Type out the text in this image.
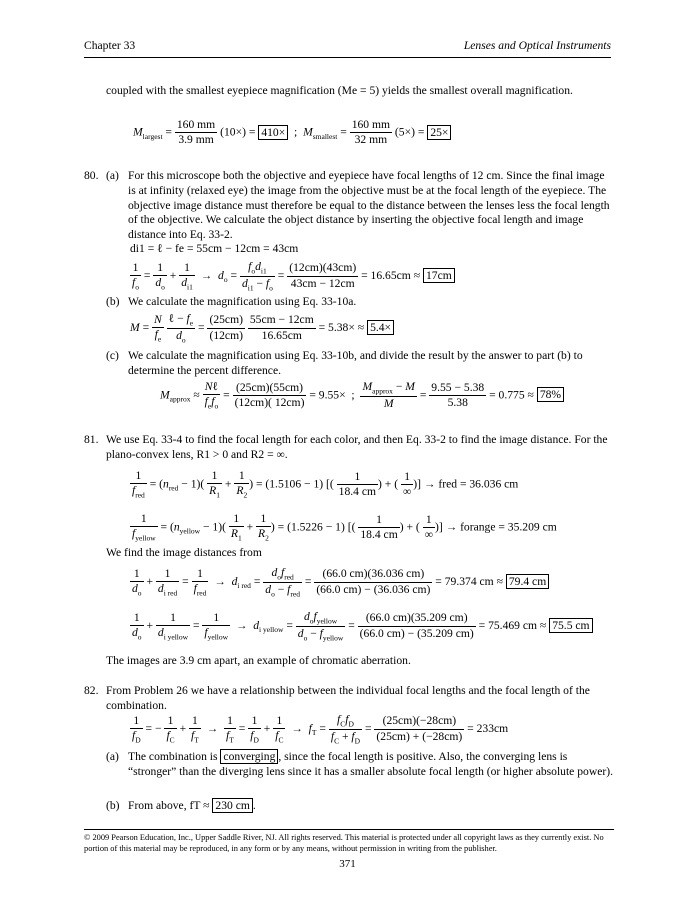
Chapter 33	Lenses and Optical Instruments
coupled with the smallest eyepiece magnification (Me = 5) yields the smallest overall magnification.
$M_{largest} = \frac{160 mm}{3.9 mm} (10\times) = 410\times$ ; $M_{smallest} = \frac{160 mm}{32 mm} (5\times) = 25\times$
80. (a) For this microscope both the objective and eyepiece have focal lengths of 12 cm. Since the final image is at infinity (relaxed eye) the image from the objective must be at the focal length of the eyepiece. The objective image distance must therefore be equal to the distance between the lenses less the focal length of the objective. We calculate the object distance by inserting the objective focal length and image distance into Eq. 33-2.
di1 = ℓ − fe = 55cm − 12cm = 43cm
$\frac{1}{f_o} = \frac{1}{d_o} + \frac{1}{d_{i1}} \to d_o = \frac{f_od_{i1}}{d_{i1} - f_o} = \frac{(12cm)(43cm)}{43cm - 12cm} = 16.65cm \approx 17cm$
(b) We calculate the magnification using Eq. 33-10a.
$M = \frac{N}{f_e}$
$\frac{\ell - f_e}{d_o} = \frac{(25cm)}{(12cm)}$
$\frac{55cm - 12cm}{16.65cm} = 5.38\times \approx 5.4\times$
(c) We calculate the magnification using Eq. 33-10b, and divide the result by the answer to part (b) to determine the percent difference.
$M_{approx} \approx \frac{\text{Nℓ}}{f_ef_o} = \frac{(25cm)(55cm)}{(12cm)( 12cm)} = 9.55\times$ ; $\frac{M_{approx} - M}{M} = \frac{9.55 - 5.38}{5.38} = 0.775 \approx 78\%$
81. We use Eq. 33-4 to find the focal length for each color, and then Eq. 33-2 to find the image distance. For the plano-convex lens, R1 > 0 and R2 = ∞.
$\frac{1}{f_{red}} = (n_{red} - 1)( \frac{1}{R_1} + \frac{1}{R_2}$ ) = (1.5106 − 1) [( $\frac{1}{18.4 cm}$ ) + ( $\frac{1}{\infty}$ )] → fred = 36.036 cm
$\frac{1}{f_{yellow}} = (n_{yellow} - 1)( \frac{1}{R_1} + \frac{1}{R_2}$ ) = (1.5226 − 1) [( $\frac{1}{18.4 cm}$ ) + ( $\frac{1}{\infty}$ )] → forange = 35.209 cm
We find the image distances from
$\frac{1}{d_o} + \frac{1}{d_{i red}} = \frac{1}{f_{red}} \to d_{i red} = \frac{d_of_{red}}{d_o - f_{red}} = \frac{(66.0 cm)(36.036 cm)}{(66.0 cm) - (36.036 cm)} = 79.374$ cm ≈ 79.4 cm
$\frac{1}{d_o} + \frac{1}{d_{i yellow}} = \frac{1}{f_{yellow}} \to d_{i yellow} = \frac{d_of_{yellow}}{d_o - f_{yellow}} = \frac{(66.0 cm)(35.209 cm)}{(66.0 cm) - (35.209 cm)} = 75.469$ cm ≈ 75.5 cm
The images are 3.9 cm apart, an example of chromatic aberration.
82. From Problem 26 we have a relationship between the individual focal lengths and the focal length of the combination.
$\frac{1}{f_D}$ = − $\frac{1}{f_C} + \frac{1}{f_T} \to \frac{1}{f_T} = \frac{1}{f_D} + \frac{1}{f_C} \to f_T = \frac{f_Cf_D}{f_C + f_D} = \frac{(25cm)(-28cm)}{(25cm) + (-28cm)} = 233cm$
(a) The combination is converging , since the focal length is positive. Also, the converging lens is “stronger” than the diverging lens since it has a smaller absolute focal length (or higher absolute power).
(b) From above, fT ≈ 230 cm .
© 2009 Pearson Education, Inc., Upper Saddle River, NJ. All rights reserved. This material is protected under all copyright laws as they currently exist. No portion of this material may be reproduced, in any form or by any means, without permission in writing from the publisher.
371
